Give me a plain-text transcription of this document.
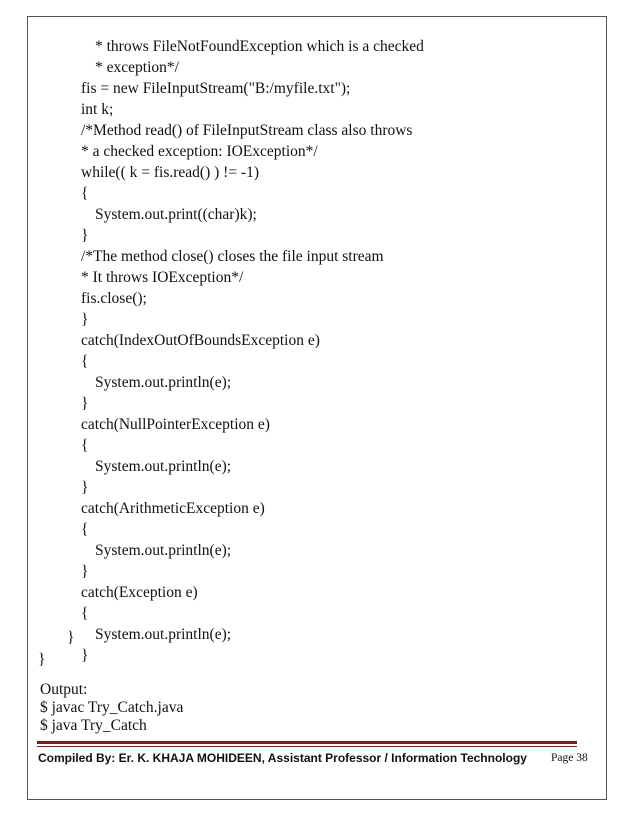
* throws FileNotFoundException which is a checked
* exception*/
fis = new FileInputStream("B:/myfile.txt");
int k;
/*Method read() of FileInputStream class also throws
* a checked exception: IOException*/
while(( k = fis.read() ) != -1)
{
System.out.print((char)k);
}
/*The method close() closes the file input stream
* It throws IOException*/
fis.close();
}
catch(IndexOutOfBoundsException e)
{
System.out.println(e);
}
catch(NullPointerException e)
{
System.out.println(e);
}
catch(ArithmeticException e)
{
System.out.println(e);
}
catch(Exception e)
{
System.out.println(e);
}
}
}
Output:
$ javac Try_Catch.java
$ java Try_Catch
Compiled By: Er. K. KHAJA MOHIDEEN, Assistant Professor / Information Technology Page 38
